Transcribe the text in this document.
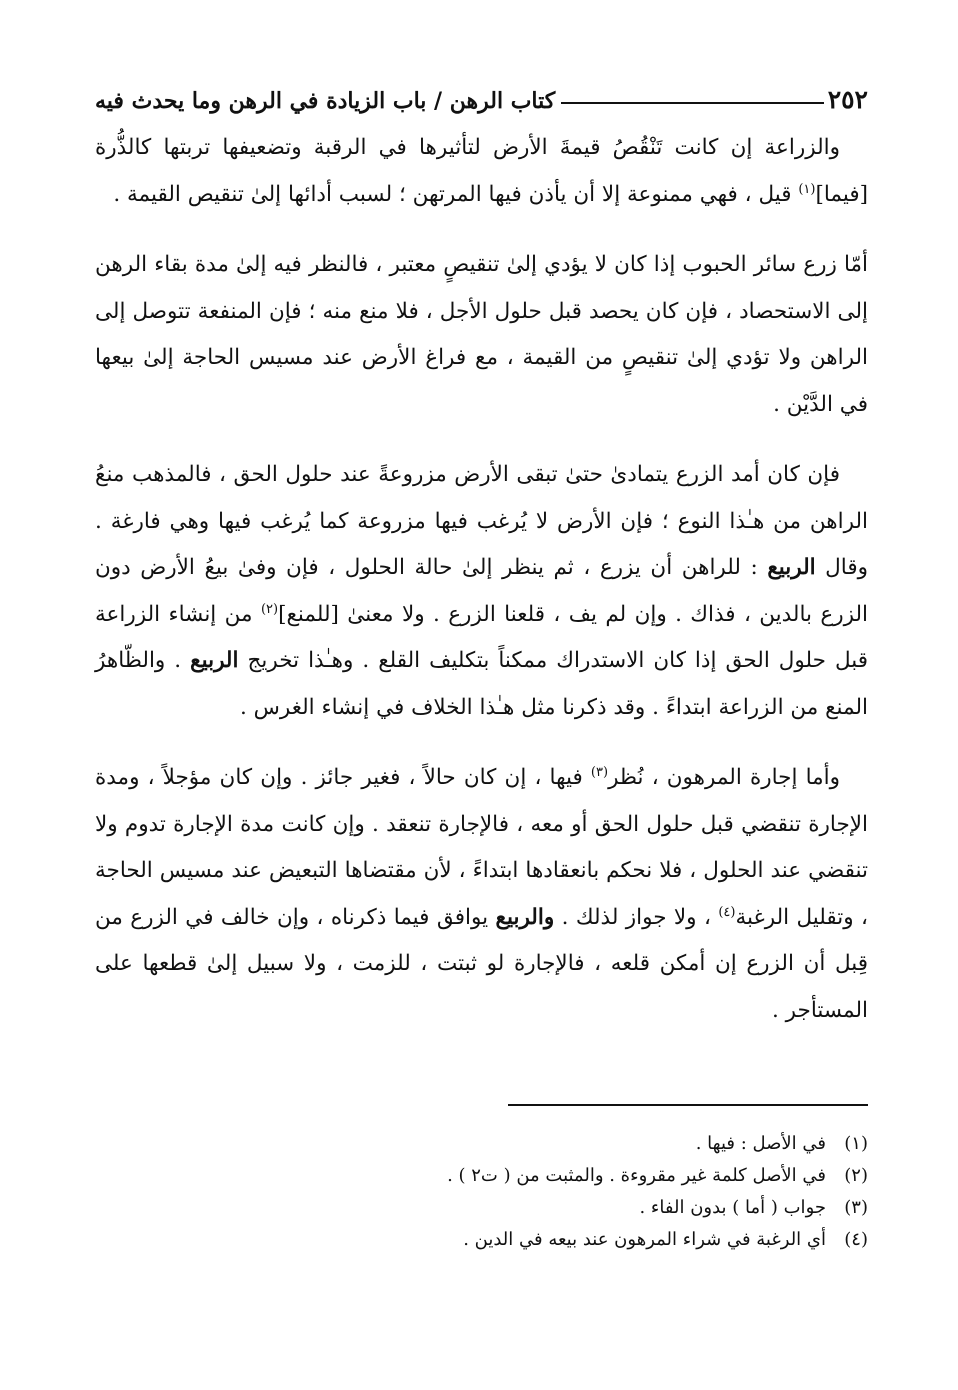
٢٥٢
كتاب الرهن / باب الزيادة في الرهن وما يحدث فيه

والزراعة إن كانت تَنْقُصُ قيمةَ الأرض لتأثيرها في الرقبة وتضعيفها تربتها كالذُّرة [فيما]$^{(١)}$ قيل ، فهي ممنوعة إلا أن يأذن فيها المرتهن ؛ لسبب أدائها إلىٰ تنقيص القيمة .

أمّا زرع سائر الحبوب إذا كان لا يؤدي إلىٰ تنقيصٍ معتبر ، فالنظر فيه إلىٰ مدة بقاء الرهن إلى الاستحصاد ، فإن كان يحصد قبل حلول الأجل ، فلا منع منه ؛ فإن المنفعة تتوصل إلى الراهن ولا تؤدي إلىٰ تنقيصٍ من القيمة ، مع فراغ الأرض عند مسيس الحاجة إلىٰ بيعها في الدَّيْن .

فإن كان أمد الزرع يتمادىٰ حتىٰ تبقى الأرض مزروعةً عند حلول الحق ، فالمذهب منعُ الراهن من هـٰذا النوع ؛ فإن الأرض لا يُرغب فيها مزروعة كما يُرغب فيها وهي فارغة . وقال الربيع : للراهن أن يزرع ، ثم ينظر إلىٰ حالة الحلول ، فإن وفىٰ بيعُ الأرض دون الزرع بالدين ، فذاك . وإن لم يف ، قلعنا الزرع . ولا معنىٰ [للمنع]$^{(٢)}$ من إنشاء الزراعة قبل حلول الحق إذا كان الاستدراك ممكناً بتكليف القلع . وهـٰذا تخريج الربيع . والظّاهرُ المنع من الزراعة ابتداءً . وقد ذكرنا مثل هـٰذا الخلاف في إنشاء الغرس .

وأما إجارة المرهون ، نُظر$^{(٣)}$ فيها ، إن كان حالاً ، فغير جائز . وإن كان مؤجلاً ، ومدة الإجارة تنقضي قبل حلول الحق أو معه ، فالإجارة تنعقد . وإن كانت مدة الإجارة تدوم ولا تنقضي عند الحلول ، فلا نحكم بانعقادها ابتداءً ، لأن مقتضاها التبعيض عند مسيس الحاجة ، وتقليل الرغبة$^{(٤)}$ ، ولا جواز لذلك . والربيع يوافق فيما ذكرناه ، وإن خالف في الزرع من قِبل أن الزرع إن أمكن قلعه ، فالإجارة لو ثبتت ، للزمت ، ولا سبيل إلىٰ قطعها على المستأجر .

(١)في الأصل : فيها .
(٢)في الأصل كلمة غير مقروءة . والمثبت من ( ت٢ ) .
(٣)جواب ( أما ) بدون الفاء .
(٤)أي الرغبة في شراء المرهون عند بيعه في الدين .
